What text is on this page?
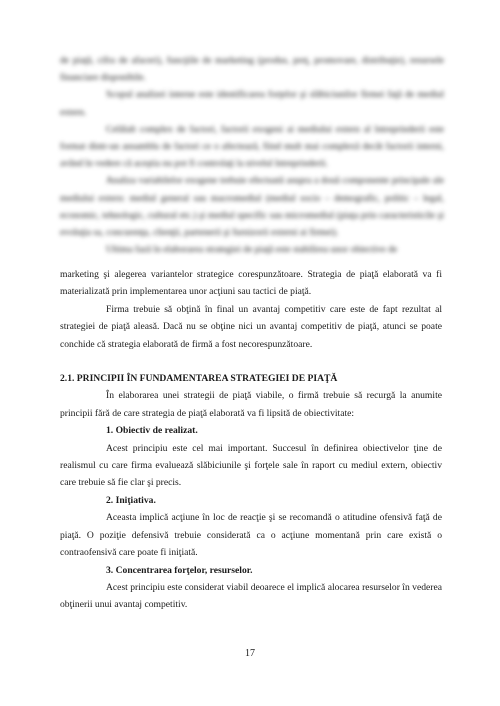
de piaţă, cifra de afaceri), funcţiile de marketing (produs, preţ, promovare, distribuţie), resursele financiare disponibile.

Scopul analizei interne este identificarea forţelor şi slăbiciunilor firmei faţă de mediul extern.

Celălalt complex de factori, factorii exogeni ai mediului extern al întreprinderii este format dintr-un ansamblu de factori ce o afectează, fiind mult mai complexă decât factorii interni, având în vedere că aceştia nu pot fi controlaţi la nivelul întreprinderii.

Analiza variabilelor exogene trebuie efectuată asupra a două componente principale ale mediului extern: mediul general sau macromediul (mediul socio – demografic, politic – legal, economic, tehnologic, cultural etc.) şi mediul specific sau micromediul (piaţa prin caracteristicile şi evoluţia sa, concurenţa, clienţii, partenerii şi furnizorii externi ai firmei).

Ultima fază în elaborarea strategiei de piaţă este stabilirea unor obiective de

marketing şi alegerea variantelor strategice corespunzătoare. Strategia de piaţă elaborată va fi materializată prin implementarea unor acţiuni sau tactici de piaţă.

Firma trebuie să obţină în final un avantaj competitiv care este de fapt rezultat al strategiei de piaţă aleasă. Dacă nu se obţine nici un avantaj competitiv de piaţă, atunci se poate conchide că strategia elaborată de firmă a fost necorespunzătoare.

2.1. PRINCIPII ÎN FUNDAMENTAREA STRATEGIEI DE PIAŢĂ

În elaborarea unei strategii de piaţă viabile, o firmă trebuie să recurgă la anumite principii fără de care strategia de piaţă elaborată va fi lipsită de obiectivitate:

1. Obiectiv de realizat.

Acest principiu este cel mai important. Succesul în definirea obiectivelor ţine de realismul cu care firma evaluează slăbiciunile şi forţele sale în raport cu mediul extern, obiectiv care trebuie să fie clar şi precis.

2. Iniţiativa.

Aceasta implică acţiune în loc de reacţie şi se recomandă o atitudine ofensivă faţă de piaţă. O poziţie defensivă trebuie considerată ca o acţiune momentană prin care există o contraofensivă care poate fi iniţiată.

3. Concentrarea forţelor, resurselor.

Acest principiu este considerat viabil deoarece el implică alocarea resurselor în vederea obţinerii unui avantaj competitiv.

17
